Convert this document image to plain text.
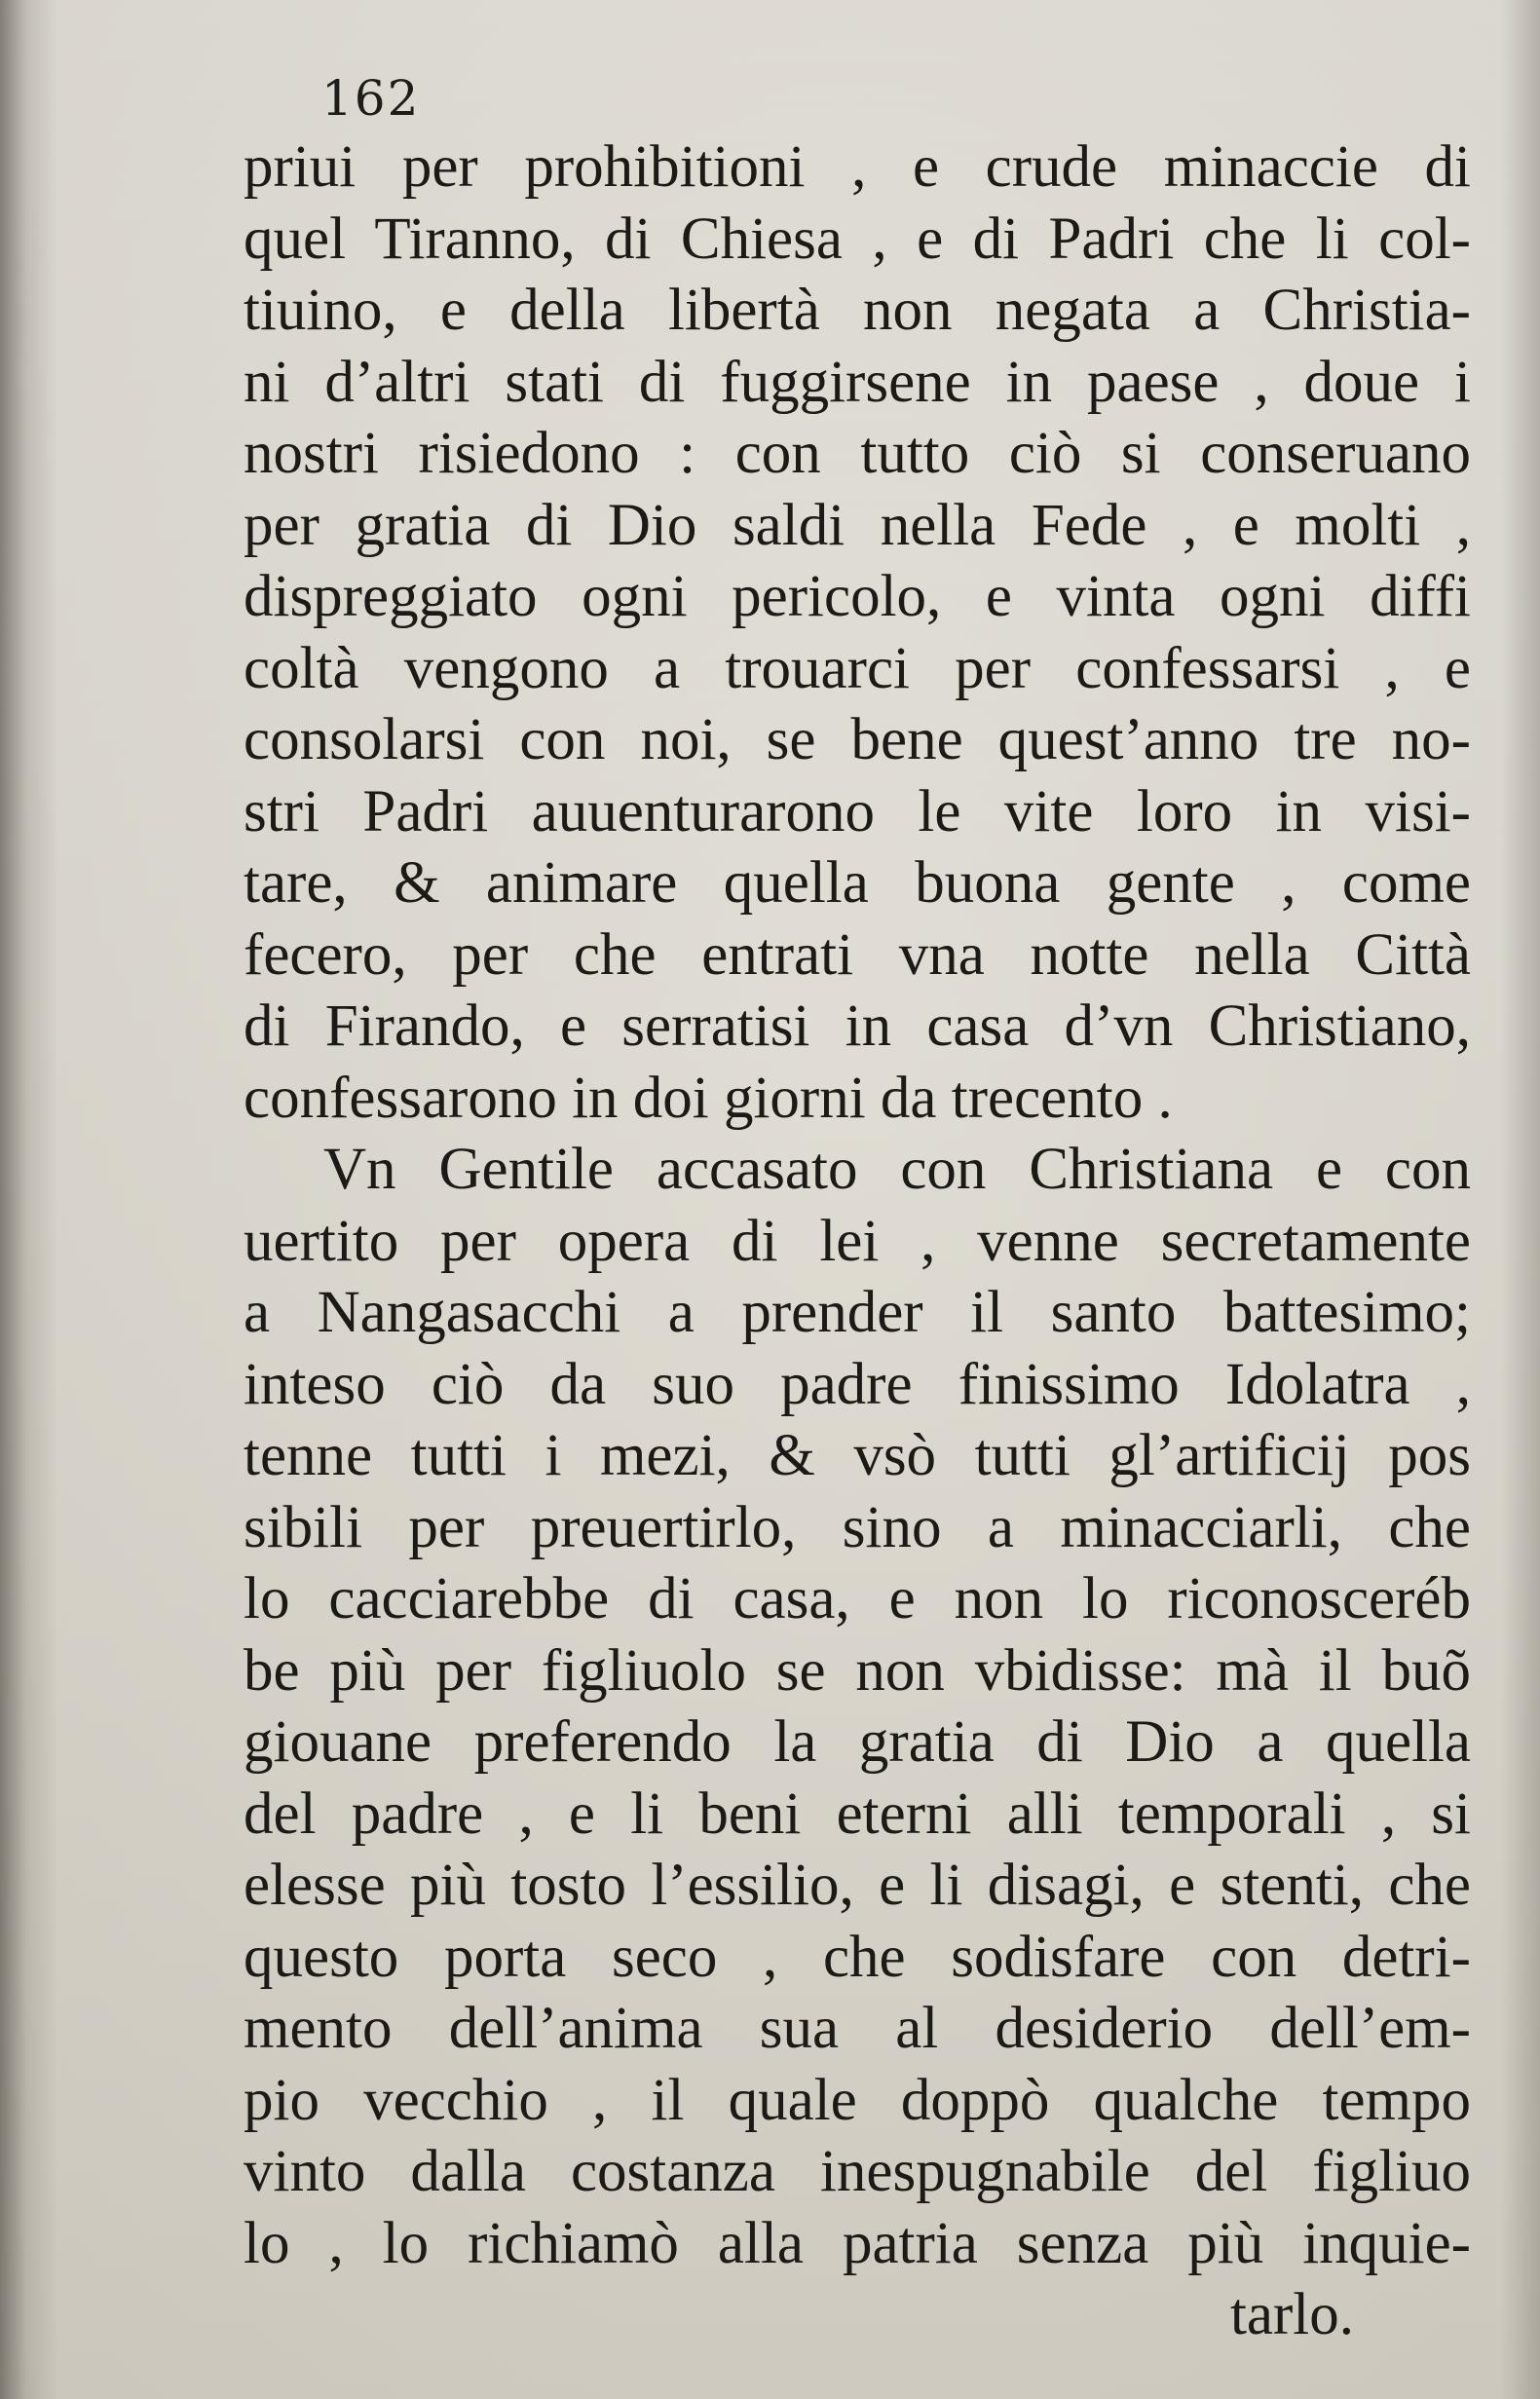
162
priui per prohibitioni , e crude minaccie di
quel Tiranno, di Chiesa , e di Padri che li col-
tiuino, e della libertà non negata a Christia-
ni d’altri stati di fuggirsene in paese , doue i
nostri risiedono : con tutto ciò si conseruano
per gratia di Dio saldi nella Fede , e molti ,
dispreggiato ogni pericolo, e vinta ogni diffi
coltà vengono a trouarci per confessarsi , e
consolarsi con noi, se bene quest’anno tre no-
stri Padri auuenturarono le vite loro in visi-
tare, & animare quella buona gente , come
fecero, per che entrati vna notte nella Città
di Firando, e serratisi in casa d’vn Christiano,
confessarono in doi giorni da trecento .
Vn Gentile accasato con Christiana e con
uertito per opera di lei , venne secretamente
a Nangasacchi a prender il santo battesimo;
inteso ciò da suo padre finissimo Idolatra ,
tenne tutti i mezi, & vsò tutti gl’artificij pos
sibili per preuertirlo, sino a minacciarli, che
lo cacciarebbe di casa, e non lo riconosceréb
be più per figliuolo se non vbidisse: mà il buõ
giouane preferendo la gratia di Dio a quella
del padre , e li beni eterni alli temporali , si
elesse più tosto l’essilio, e li disagi, e stenti, che
questo porta seco , che sodisfare con detri-
mento dell’anima sua al desiderio dell’em-
pio vecchio , il quale doppò qualche tempo
vinto dalla costanza inespugnabile del figliuo
lo , lo richiamò alla patria senza più inquie-
tarlo.
